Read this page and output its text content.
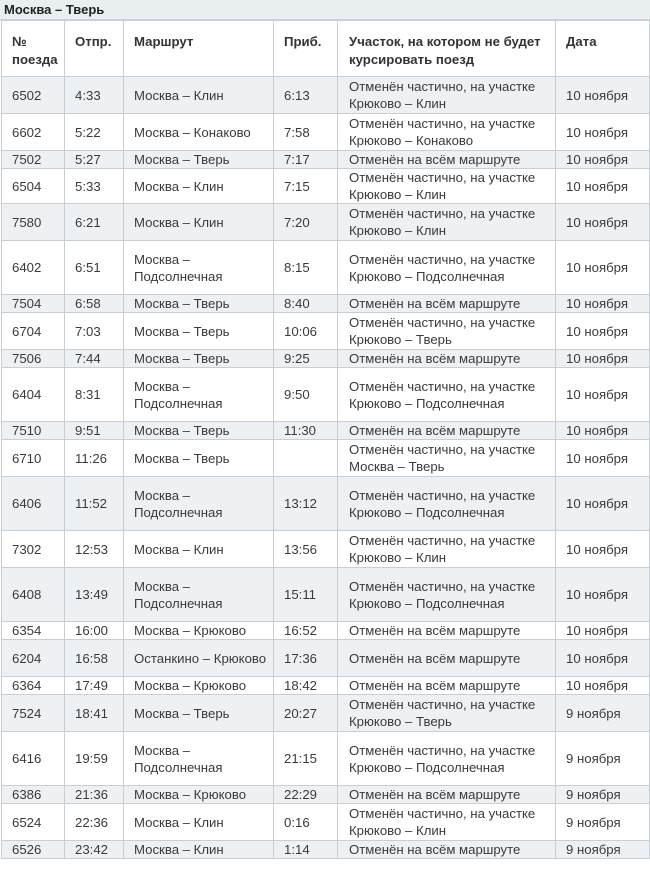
Москва – Тверь
№ поезда	Отпр.	Маршрут	Приб.	Участок, на котором не будет курсировать поезд	Дата
6502	4:33	Москва – Клин	6:13	Отменён частично, на участке Крюково – Клин	10 ноября
6602	5:22	Москва – Конаково	7:58	Отменён частично, на участке Крюково – Конаково	10 ноября
7502	5:27	Москва – Тверь	7:17	Отменён на всём маршруте	10 ноября
6504	5:33	Москва – Клин	7:15	Отменён частично, на участке Крюково – Клин	10 ноября
7580	6:21	Москва – Клин	7:20	Отменён частично, на участке Крюково – Клин	10 ноября
6402	6:51	Москва – Подсолнечная	8:15	Отменён частично, на участке Крюково – Подсолнечная	10 ноября
7504	6:58	Москва – Тверь	8:40	Отменён на всём маршруте	10 ноября
6704	7:03	Москва – Тверь	10:06	Отменён частично, на участке Крюково – Тверь	10 ноября
7506	7:44	Москва – Тверь	9:25	Отменён на всём маршруте	10 ноября
6404	8:31	Москва – Подсолнечная	9:50	Отменён частично, на участке Крюково – Подсолнечная	10 ноября
7510	9:51	Москва – Тверь	11:30	Отменён на всём маршруте	10 ноября
6710	11:26	Москва – Тверь		Отменён частично, на участке Москва – Тверь	10 ноября
6406	11:52	Москва – Подсолнечная	13:12	Отменён частично, на участке Крюково – Подсолнечная	10 ноября
7302	12:53	Москва – Клин	13:56	Отменён частично, на участке Крюково – Клин	10 ноября
6408	13:49	Москва – Подсолнечная	15:11	Отменён частично, на участке Крюково – Подсолнечная	10 ноября
6354	16:00	Москва – Крюково	16:52	Отменён на всём маршруте	10 ноября
6204	16:58	Останкино – Крюково	17:36	Отменён на всём маршруте	10 ноября
6364	17:49	Москва – Крюково	18:42	Отменён на всём маршруте	10 ноября
7524	18:41	Москва – Тверь	20:27	Отменён частично, на участке Крюково – Тверь	9 ноября
6416	19:59	Москва – Подсолнечная	21:15	Отменён частично, на участке Крюково – Подсолнечная	9 ноября
6386	21:36	Москва – Крюково	22:29	Отменён на всём маршруте	9 ноября
6524	22:36	Москва – Клин	0:16	Отменён частично, на участке Крюково – Клин	9 ноября
6526	23:42	Москва – Клин	1:14	Отменён на всём маршруте	9 ноября
